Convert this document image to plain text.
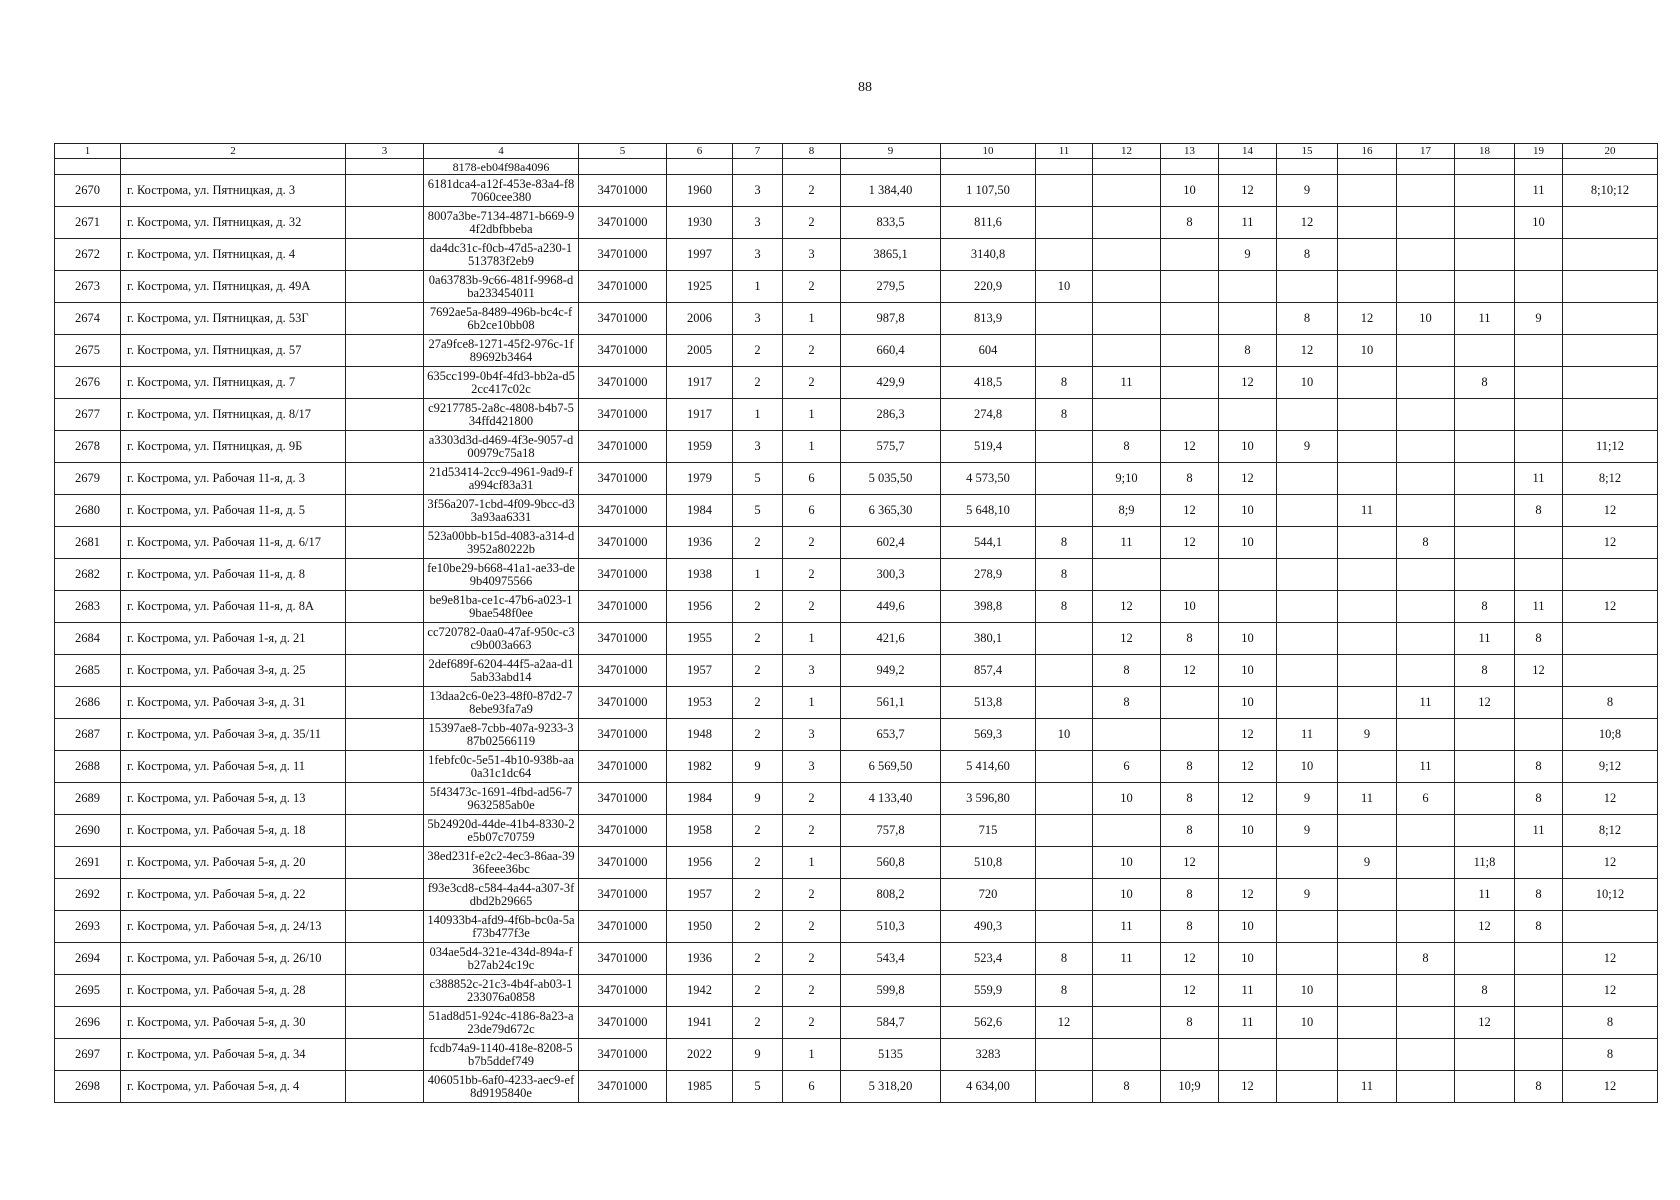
88
1	2	3	4	5	6	7	8	9	10	11	12	13	14	15	16	17	18	19	20
			8178-eb04f98a4096																
2670	г. Кострома, ул. Пятницкая, д. 3		6181dca4-a12f-453e-83a4-f87060cee380	34701000	1960	3	2	1 384,40	1 107,50			10	12	9				11	8;10;12
2671	г. Кострома, ул. Пятницкая, д. 32		8007a3be-7134-4871-b669-94f2dbfbbeba	34701000	1930	3	2	833,5	811,6			8	11	12				10	
2672	г. Кострома, ул. Пятницкая, д. 4		da4dc31c-f0cb-47d5-a230-1513783f2eb9	34701000	1997	3	3	3865,1	3140,8				9	8					
2673	г. Кострома, ул. Пятницкая, д. 49А		0a63783b-9c66-481f-9968-dba233454011	34701000	1925	1	2	279,5	220,9	10									
2674	г. Кострома, ул. Пятницкая, д. 53Г		7692ae5a-8489-496b-bc4c-f6b2ce10bb08	34701000	2006	3	1	987,8	813,9					8	12	10	11	9	
2675	г. Кострома, ул. Пятницкая, д. 57		27a9fce8-1271-45f2-976c-1f89692b3464	34701000	2005	2	2	660,4	604				8	12	10				
2676	г. Кострома, ул. Пятницкая, д. 7		635cc199-0b4f-4fd3-bb2a-d52cc417c02c	34701000	1917	2	2	429,9	418,5	8	11		12	10			8		
2677	г. Кострома, ул. Пятницкая, д. 8/17		c9217785-2a8c-4808-b4b7-534ffd421800	34701000	1917	1	1	286,3	274,8	8									
2678	г. Кострома, ул. Пятницкая, д. 9Б		a3303d3d-d469-4f3e-9057-d00979c75a18	34701000	1959	3	1	575,7	519,4		8	12	10	9					11;12
2679	г. Кострома, ул. Рабочая 11-я, д. 3		21d53414-2cc9-4961-9ad9-fa994cf83a31	34701000	1979	5	6	5 035,50	4 573,50		9;10	8	12					11	8;12
2680	г. Кострома, ул. Рабочая 11-я, д. 5		3f56a207-1cbd-4f09-9bcc-d33a93aa6331	34701000	1984	5	6	6 365,30	5 648,10		8;9	12	10		11			8	12
2681	г. Кострома, ул. Рабочая 11-я, д. 6/17		523a00bb-b15d-4083-a314-d3952a80222b	34701000	1936	2	2	602,4	544,1	8	11	12	10			8			12
2682	г. Кострома, ул. Рабочая 11-я, д. 8		fe10be29-b668-41a1-ae33-de9b40975566	34701000	1938	1	2	300,3	278,9	8									
2683	г. Кострома, ул. Рабочая 11-я, д. 8А		be9e81ba-ce1c-47b6-a023-19bae548f0ee	34701000	1956	2	2	449,6	398,8	8	12	10					8	11	12
2684	г. Кострома, ул. Рабочая 1-я, д. 21		cc720782-0aa0-47af-950c-c3c9b003a663	34701000	1955	2	1	421,6	380,1		12	8	10				11	8	
2685	г. Кострома, ул. Рабочая 3-я, д. 25		2def689f-6204-44f5-a2aa-d15ab33abd14	34701000	1957	2	3	949,2	857,4		8	12	10				8	12	
2686	г. Кострома, ул. Рабочая 3-я, д. 31		13daa2c6-0e23-48f0-87d2-78ebe93fa7a9	34701000	1953	2	1	561,1	513,8		8		10			11	12		8
2687	г. Кострома, ул. Рабочая 3-я, д. 35/11		15397ae8-7cbb-407a-9233-387b02566119	34701000	1948	2	3	653,7	569,3	10			12	11	9				10;8
2688	г. Кострома, ул. Рабочая 5-я, д. 11		1febfc0c-5e51-4b10-938b-aa0a31c1dc64	34701000	1982	9	3	6 569,50	5 414,60		6	8	12	10		11		8	9;12
2689	г. Кострома, ул. Рабочая 5-я, д. 13		5f43473c-1691-4fbd-ad56-79632585ab0e	34701000	1984	9	2	4 133,40	3 596,80		10	8	12	9	11	6		8	12
2690	г. Кострома, ул. Рабочая 5-я, д. 18		5b24920d-44de-41b4-8330-2e5b07c70759	34701000	1958	2	2	757,8	715			8	10	9				11	8;12
2691	г. Кострома, ул. Рабочая 5-я, д. 20		38ed231f-e2c2-4ec3-86aa-3936feee36bc	34701000	1956	2	1	560,8	510,8		10	12			9		11;8		12
2692	г. Кострома, ул. Рабочая 5-я, д. 22		f93e3cd8-c584-4a44-a307-3fdbd2b29665	34701000	1957	2	2	808,2	720		10	8	12	9			11	8	10;12
2693	г. Кострома, ул. Рабочая 5-я, д. 24/13		140933b4-afd9-4f6b-bc0a-5af73b477f3e	34701000	1950	2	2	510,3	490,3		11	8	10				12	8	
2694	г. Кострома, ул. Рабочая 5-я, д. 26/10		034ae5d4-321e-434d-894a-fb27ab24c19c	34701000	1936	2	2	543,4	523,4	8	11	12	10			8			12
2695	г. Кострома, ул. Рабочая 5-я, д. 28		c388852c-21c3-4b4f-ab03-1233076a0858	34701000	1942	2	2	599,8	559,9	8		12	11	10			8		12
2696	г. Кострома, ул. Рабочая 5-я, д. 30		51ad8d51-924c-4186-8a23-a23de79d672c	34701000	1941	2	2	584,7	562,6	12		8	11	10			12		8
2697	г. Кострома, ул. Рабочая 5-я, д. 34		fcdb74a9-1140-418e-8208-5b7b5ddef749	34701000	2022	9	1	5135	3283										8
2698	г. Кострома, ул. Рабочая 5-я, д. 4		406051bb-6af0-4233-aec9-ef8d9195840e	34701000	1985	5	6	5 318,20	4 634,00		8	10;9	12		11			8	12
